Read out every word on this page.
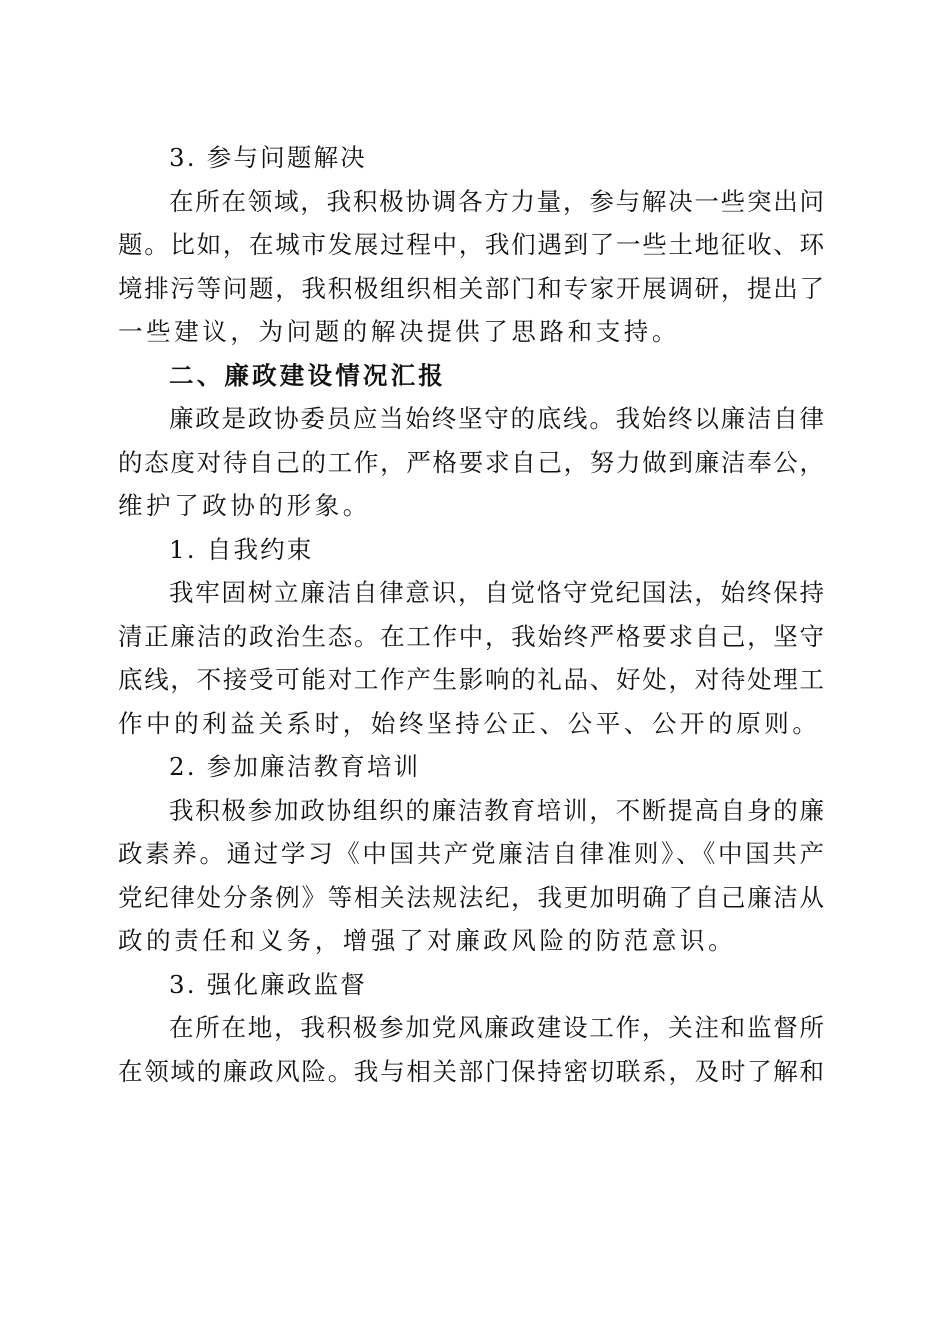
3. 参与问题解决

在所在领域，我积极协调各方力量，参与解决一些突出问

题。比如，在城市发展过程中，我们遇到了一些土地征收、环

境排污等问题，我积极组织相关部门和专家开展调研，提出了

一些建议，为问题的解决提供了思路和支持。

二、廉政建设情况汇报

廉政是政协委员应当始终坚守的底线。我始终以廉洁自律

的态度对待自己的工作，严格要求自己，努力做到廉洁奉公，

维护了政协的形象。

1. 自我约束

我牢固树立廉洁自律意识，自觉恪守党纪国法，始终保持

清正廉洁的政治生态。在工作中，我始终严格要求自己，坚守

底线，不接受可能对工作产生影响的礼品、好处，对待处理工

作中的利益关系时，始终坚持公正、公平、公开的原则。

2. 参加廉洁教育培训

我积极参加政协组织的廉洁教育培训，不断提高自身的廉

政素养。通过学习《中国共产党廉洁自律准则》、《中国共产

党纪律处分条例》等相关法规法纪，我更加明确了自己廉洁从

政的责任和义务，增强了对廉政风险的防范意识。

3. 强化廉政监督

在所在地，我积极参加党风廉政建设工作，关注和监督所

在领域的廉政风险。我与相关部门保持密切联系，及时了解和
